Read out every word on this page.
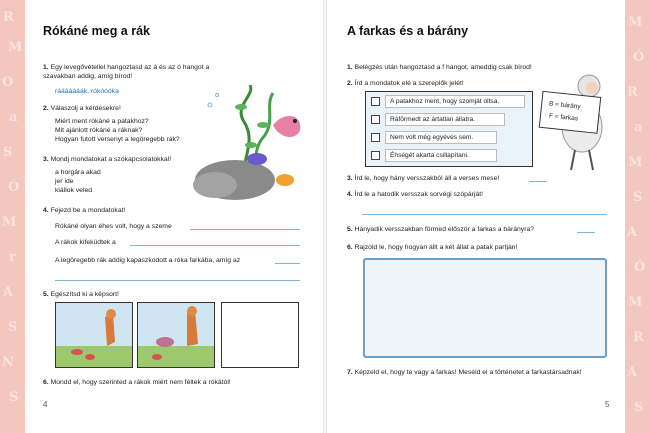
R
M
O
a
S
Ó
M
r
A
S
N
S
M
Ó
R
a
M
S
A
Ó
M
R
A
S
Rókáné meg a rák
1. Egy levegővétellel hangoztasd az á és az ó hangot a szavakban addig, amíg bírod!
rááááááák, rókóóóka
2. Válaszolj a kérdésekre!
Miért ment rókáné a patakhoz?
Mit ajánlott rókáné a ráknak?
Hogyan futott versenyt a legöregebb rák?
3. Mondj mondatokat a szókapcsolatokkal!
a horgára akad
jer ide
kiállok veled
4. Fejezd be a mondatokat!
Rókáné olyan éhes volt, hogy a szeme
A rákok kifeküdtek a
A legöregebb rák addig kapaszkodott a róka farkába, amíg az
5. Egészítsd ki a képsort!
6. Mondd el, hogy szerinted a rákok miért nem féltek a rókától!
4
A farkas és a bárány
1. Belégzés után hangoztasd a f hangot, ameddig csak bírod!
2. Írd a mondatok elé a szereplők jelét!
A patakhoz ment, hogy szomját oltsa.
Ráförmedt az ártatlan állatra.
Nem volt még egyéves sem.
Éhségét akarta csillapítani.
B = bárány
F = farkas
3. Írd le, hogy hány versszakból áll a verses mese!
4. Írd le a hatodik versszak sorvégi szópárját!
5. Hányadik versszakban förmed először a farkas a bárányra?
6. Rajzold le, hogy hogyan állt a két állat a patak partján!
7. Képzeld el, hogy te vagy a farkas! Meséld el a történetet a farkastársadnak!
5
